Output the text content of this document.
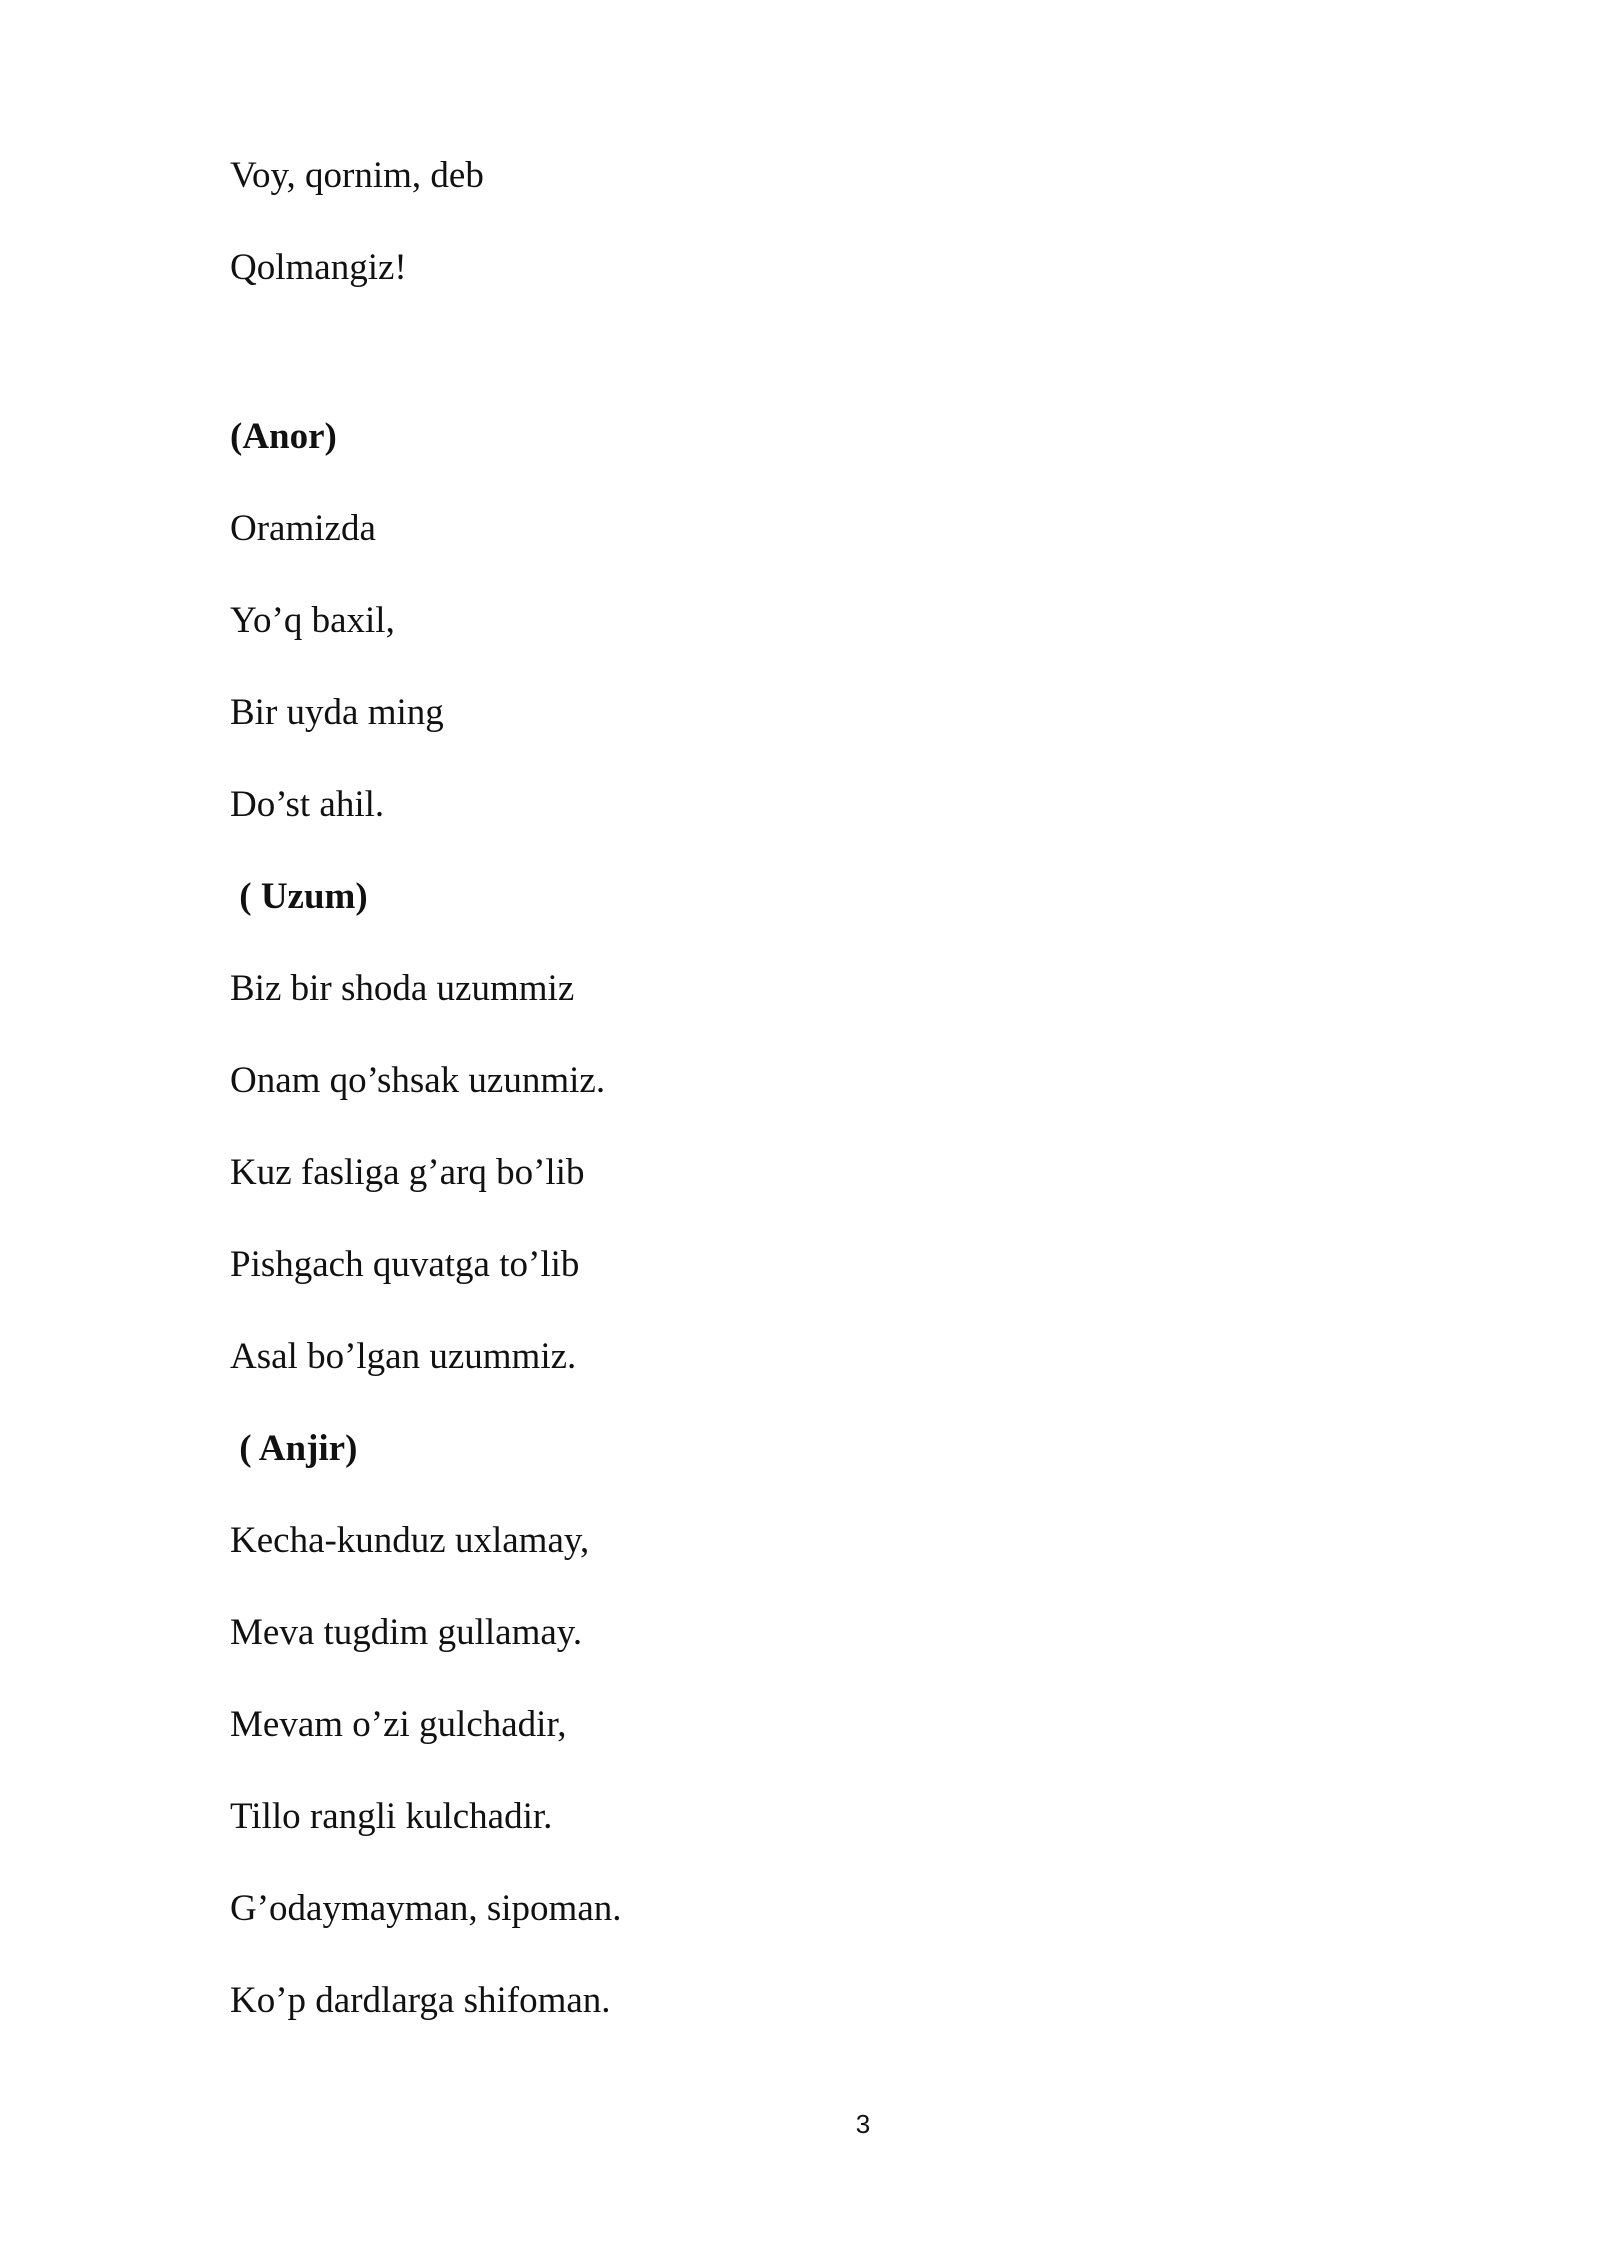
Voy, qornim, deb
Qolmangiz!
(Anor)
Oramizda
Yo’q baxil,
Bir uyda ming
Do’st ahil.
( Uzum)
Biz bir shoda uzummiz
Onam qo’shsak uzunmiz.
Kuz fasliga g’arq bo’lib
Pishgach quvatga to’lib
Asal bo’lgan uzummiz.
( Anjir)
Kecha-kunduz uxlamay,
Meva tugdim gullamay.
Mevam o’zi gulchadir,
Tillo rangli kulchadir.
G’odaymayman, sipoman.
Ko’p dardlarga shifoman.
3
